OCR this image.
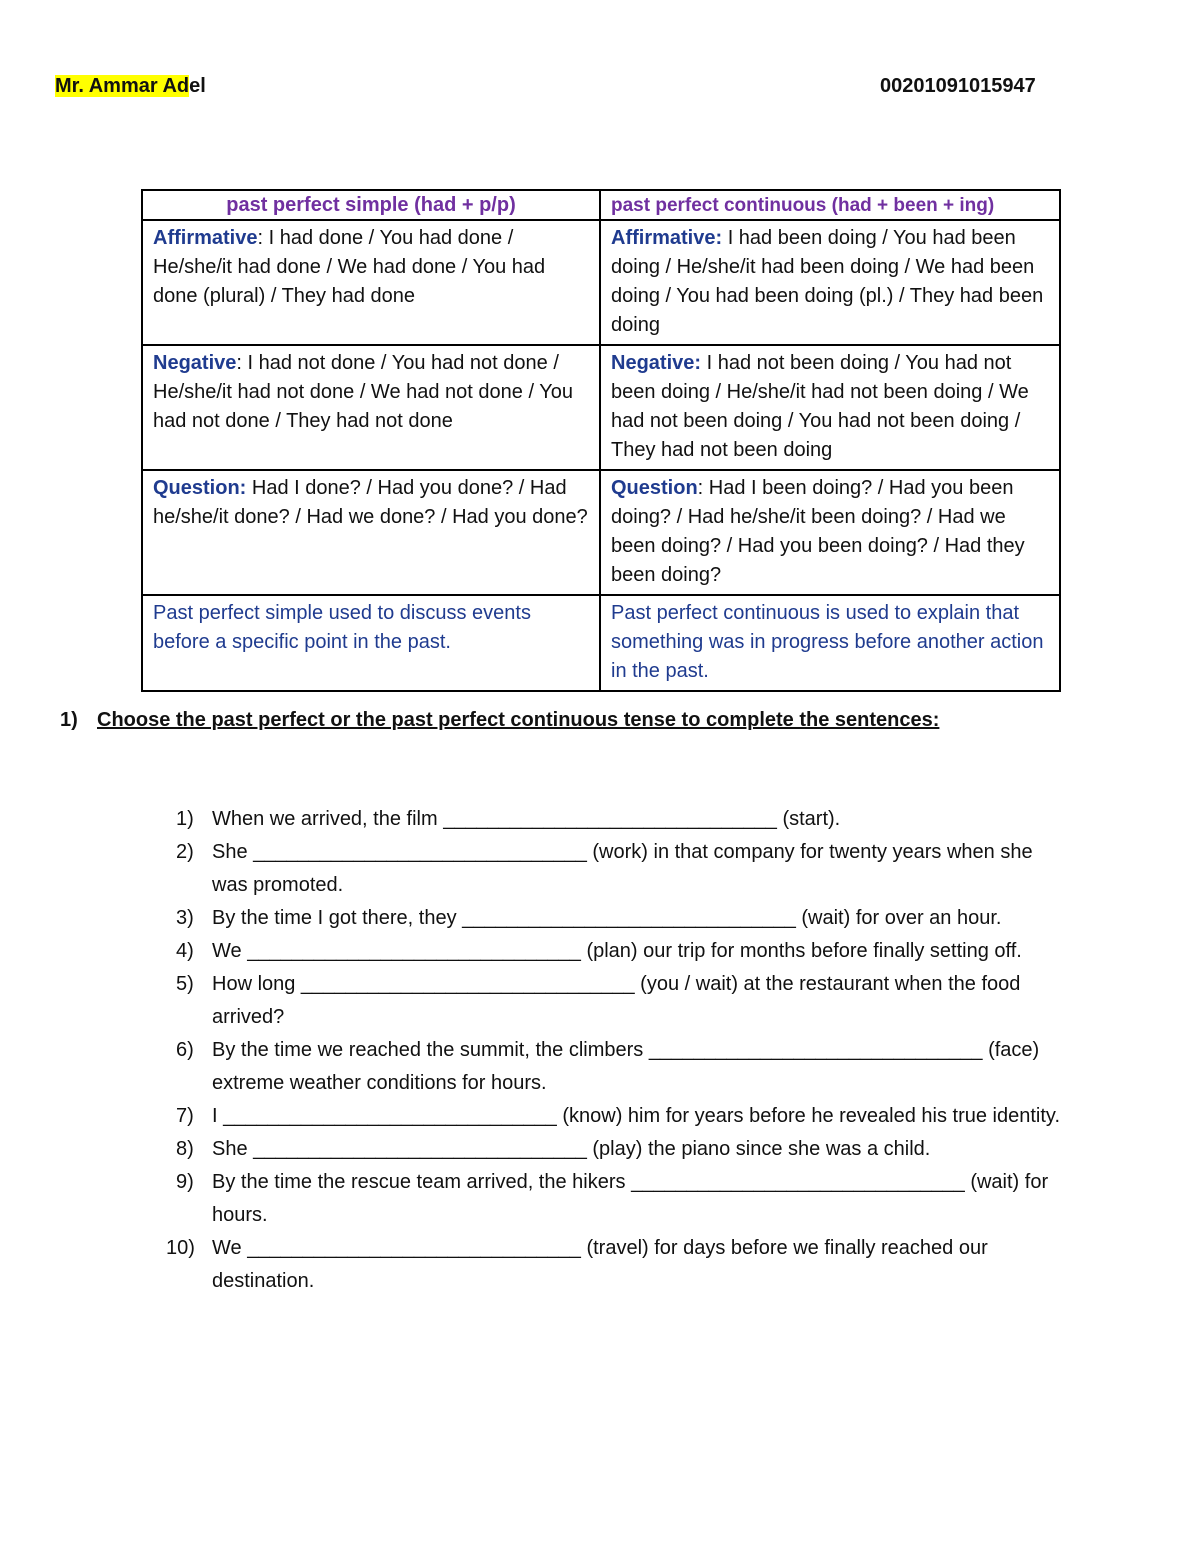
Mr. Ammar Adel	00201091015947
past perfect simple (had + p/p)	past perfect continuous (had + been + ing)
Affirmative: I had done / You had done / He/she/it had done / We had done / You had done (plural) / They had done	Affirmative: I had been doing / You had been doing / He/she/it had been doing / We had been doing / You had been doing (pl.) / They had been doing
Negative: I had not done / You had not done / He/she/it had not done / We had not done / You had not done / They had not done	Negative: I had not been doing / You had not been doing / He/she/it had not been doing / We had not been doing / You had not been doing / They had not been doing
Question: Had I done? / Had you done? / Had he/she/it done? / Had we done? / Had you done?	Question: Had I been doing? / Had you been doing? / Had he/she/it been doing? / Had we been doing? / Had you been doing? / Had they been doing?
Past perfect simple used to discuss events before a specific point in the past.	Past perfect continuous is used to explain that something was in progress before another action in the past.
1) Choose the past perfect or the past perfect continuous tense to complete the sentences:
1) When we arrived, the film ______________________________ (start).
2) She ______________________________ (work) in that company for twenty years when she was promoted.
3) By the time I got there, they ______________________________ (wait) for over an hour.
4) We ______________________________ (plan) our trip for months before finally setting off.
5) How long ______________________________ (you / wait) at the restaurant when the food arrived?
6) By the time we reached the summit, the climbers ______________________________ (face) extreme weather conditions for hours.
7) I ______________________________ (know) him for years before he revealed his true identity.
8) She ______________________________ (play) the piano since she was a child.
9) By the time the rescue team arrived, the hikers ______________________________ (wait) for hours.
10) We ______________________________ (travel) for days before we finally reached our destination.
